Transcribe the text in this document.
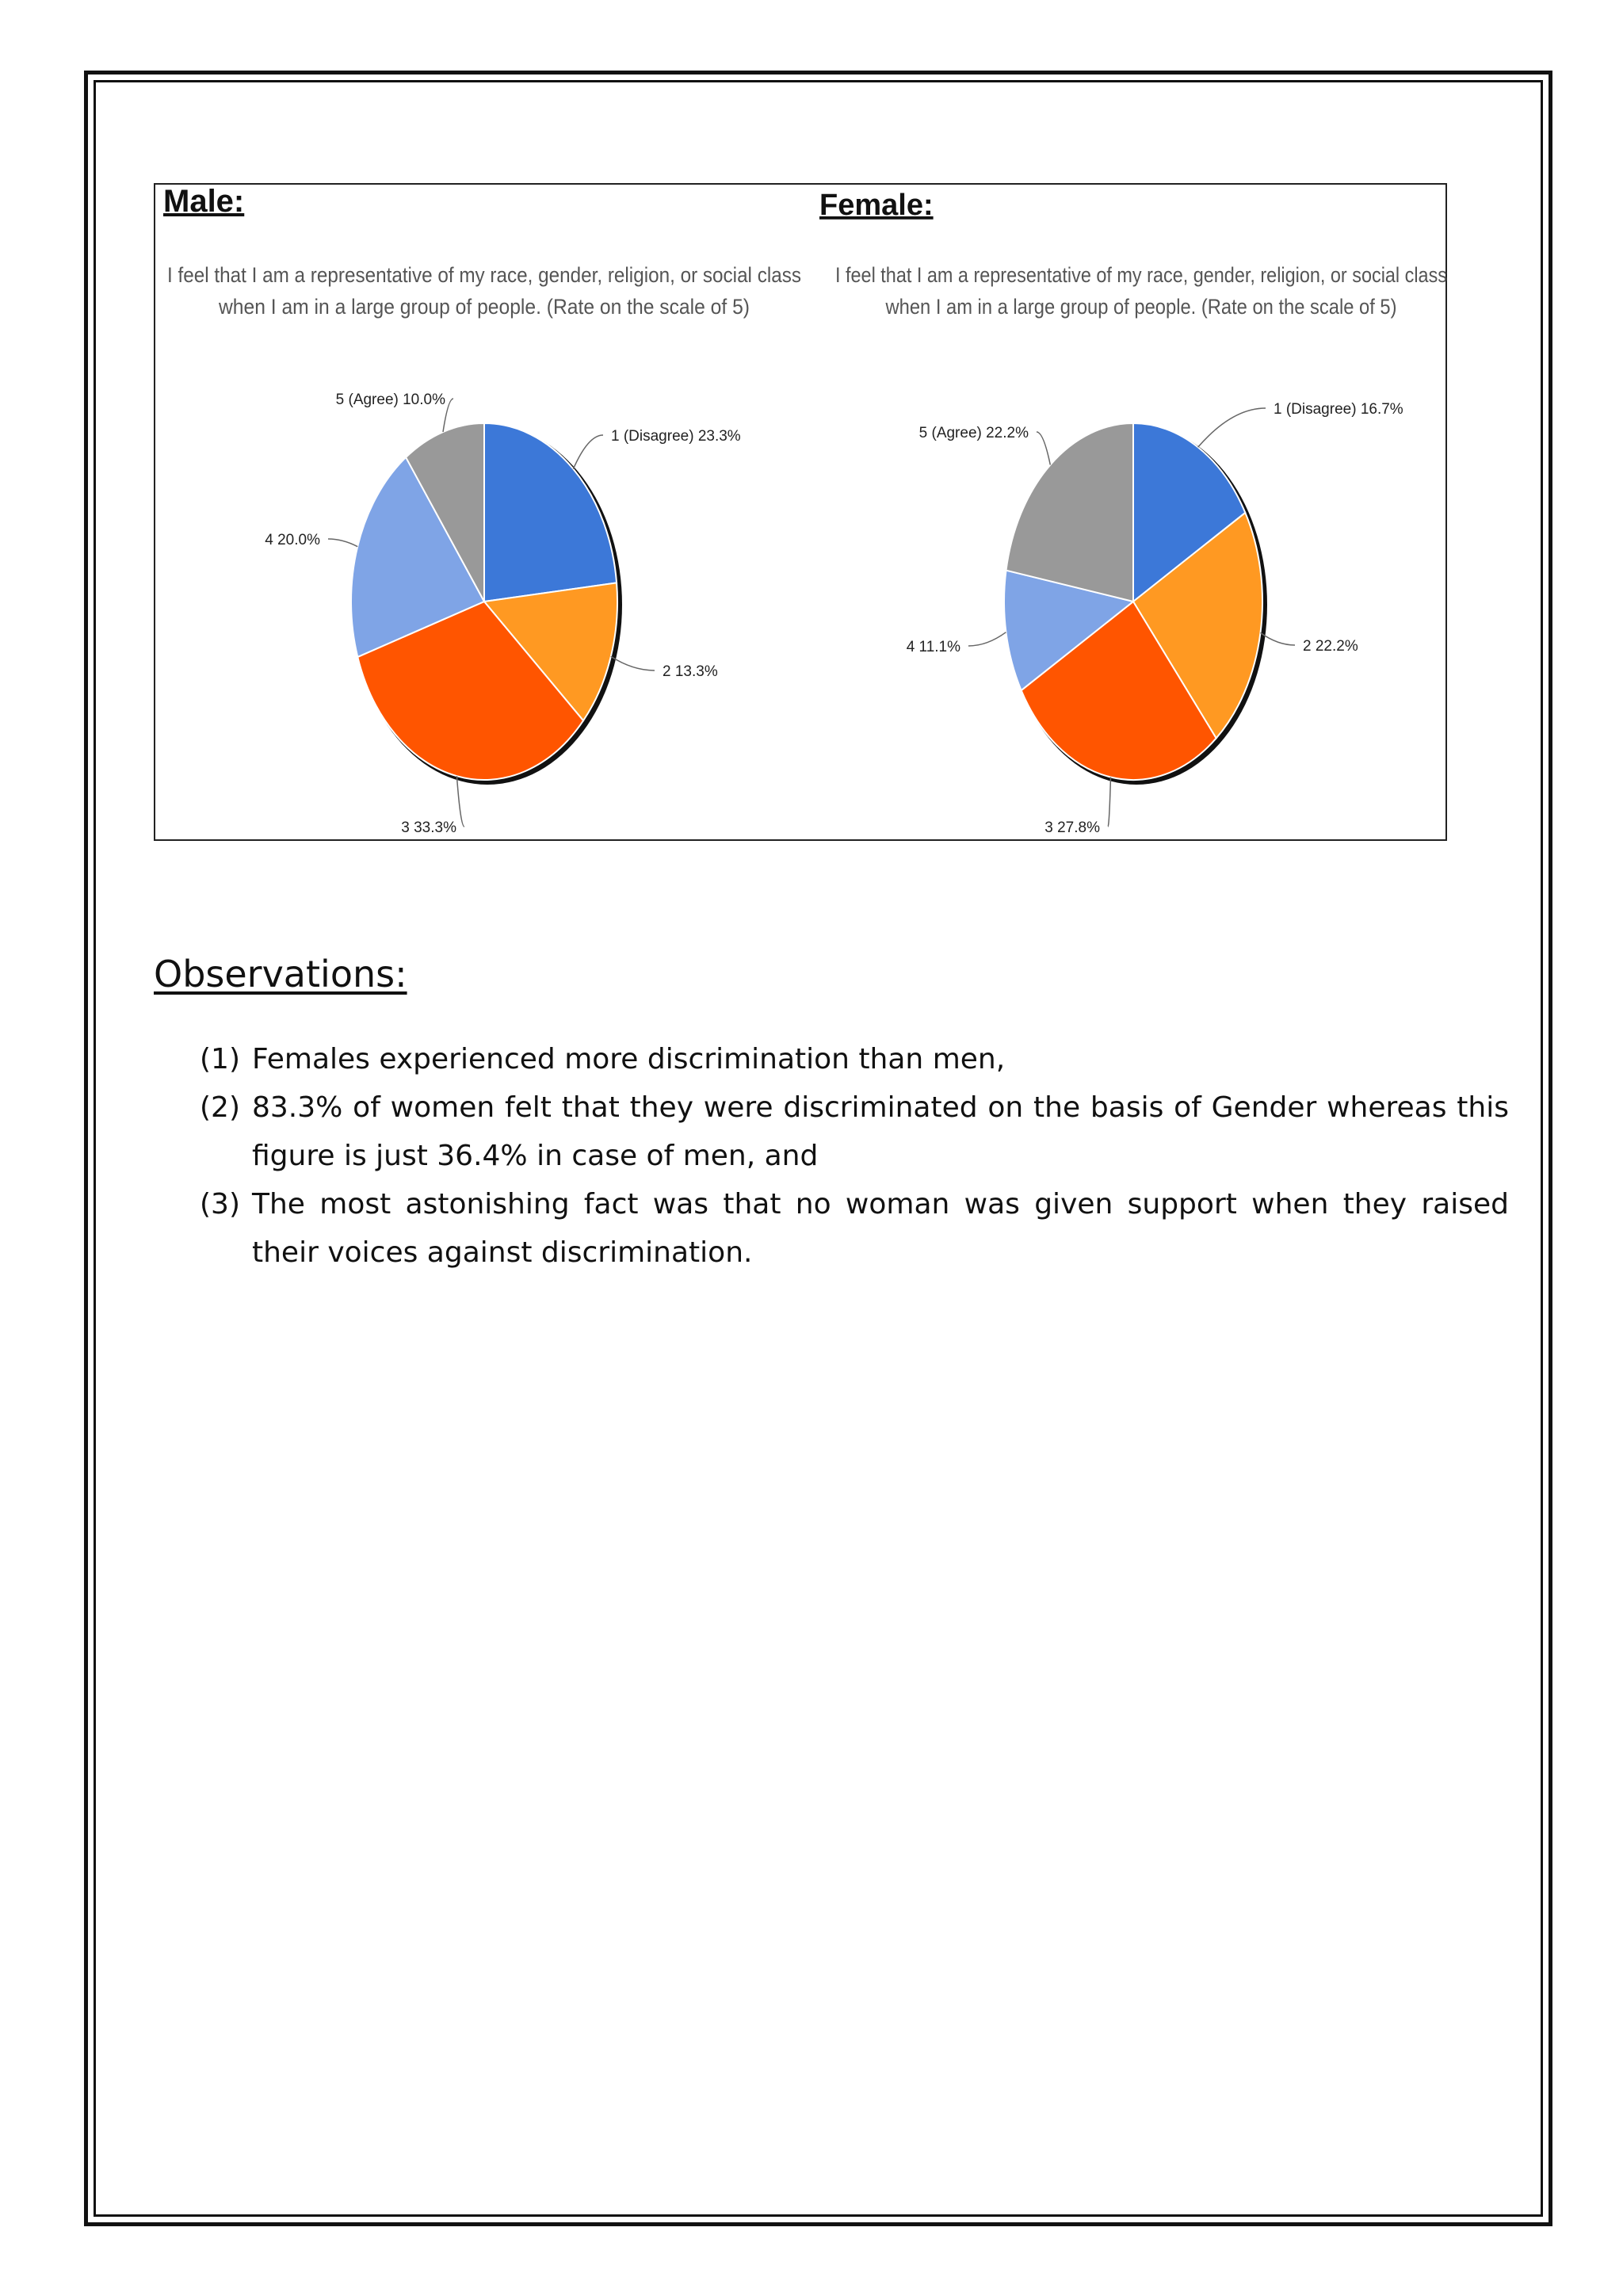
Male:	Female:
I feel that I am a representative of my race, gender, religion, or social class
when I am in a large group of people. (Rate on the scale of 5)
I feel that I am a representative of my race, gender, religion, or social class
when I am in a large group of people. (Rate on the scale of 5)
1 (Disagree) 23.3%
2 13.3%
3 33.3%
4 20.0%
5 (Agree) 10.0%
1 (Disagree) 16.7%
2 22.2%
3 27.8%
4 11.1%
5 (Agree) 22.2%
Observations:
(1) Females experienced more discrimination than men,
(2) 83.3% of women felt that they were discriminated on the basis of Gender whereas this figure is just 36.4% in case of men, and
(3) The most astonishing fact was that no woman was given support when they raised their voices against discrimination.
